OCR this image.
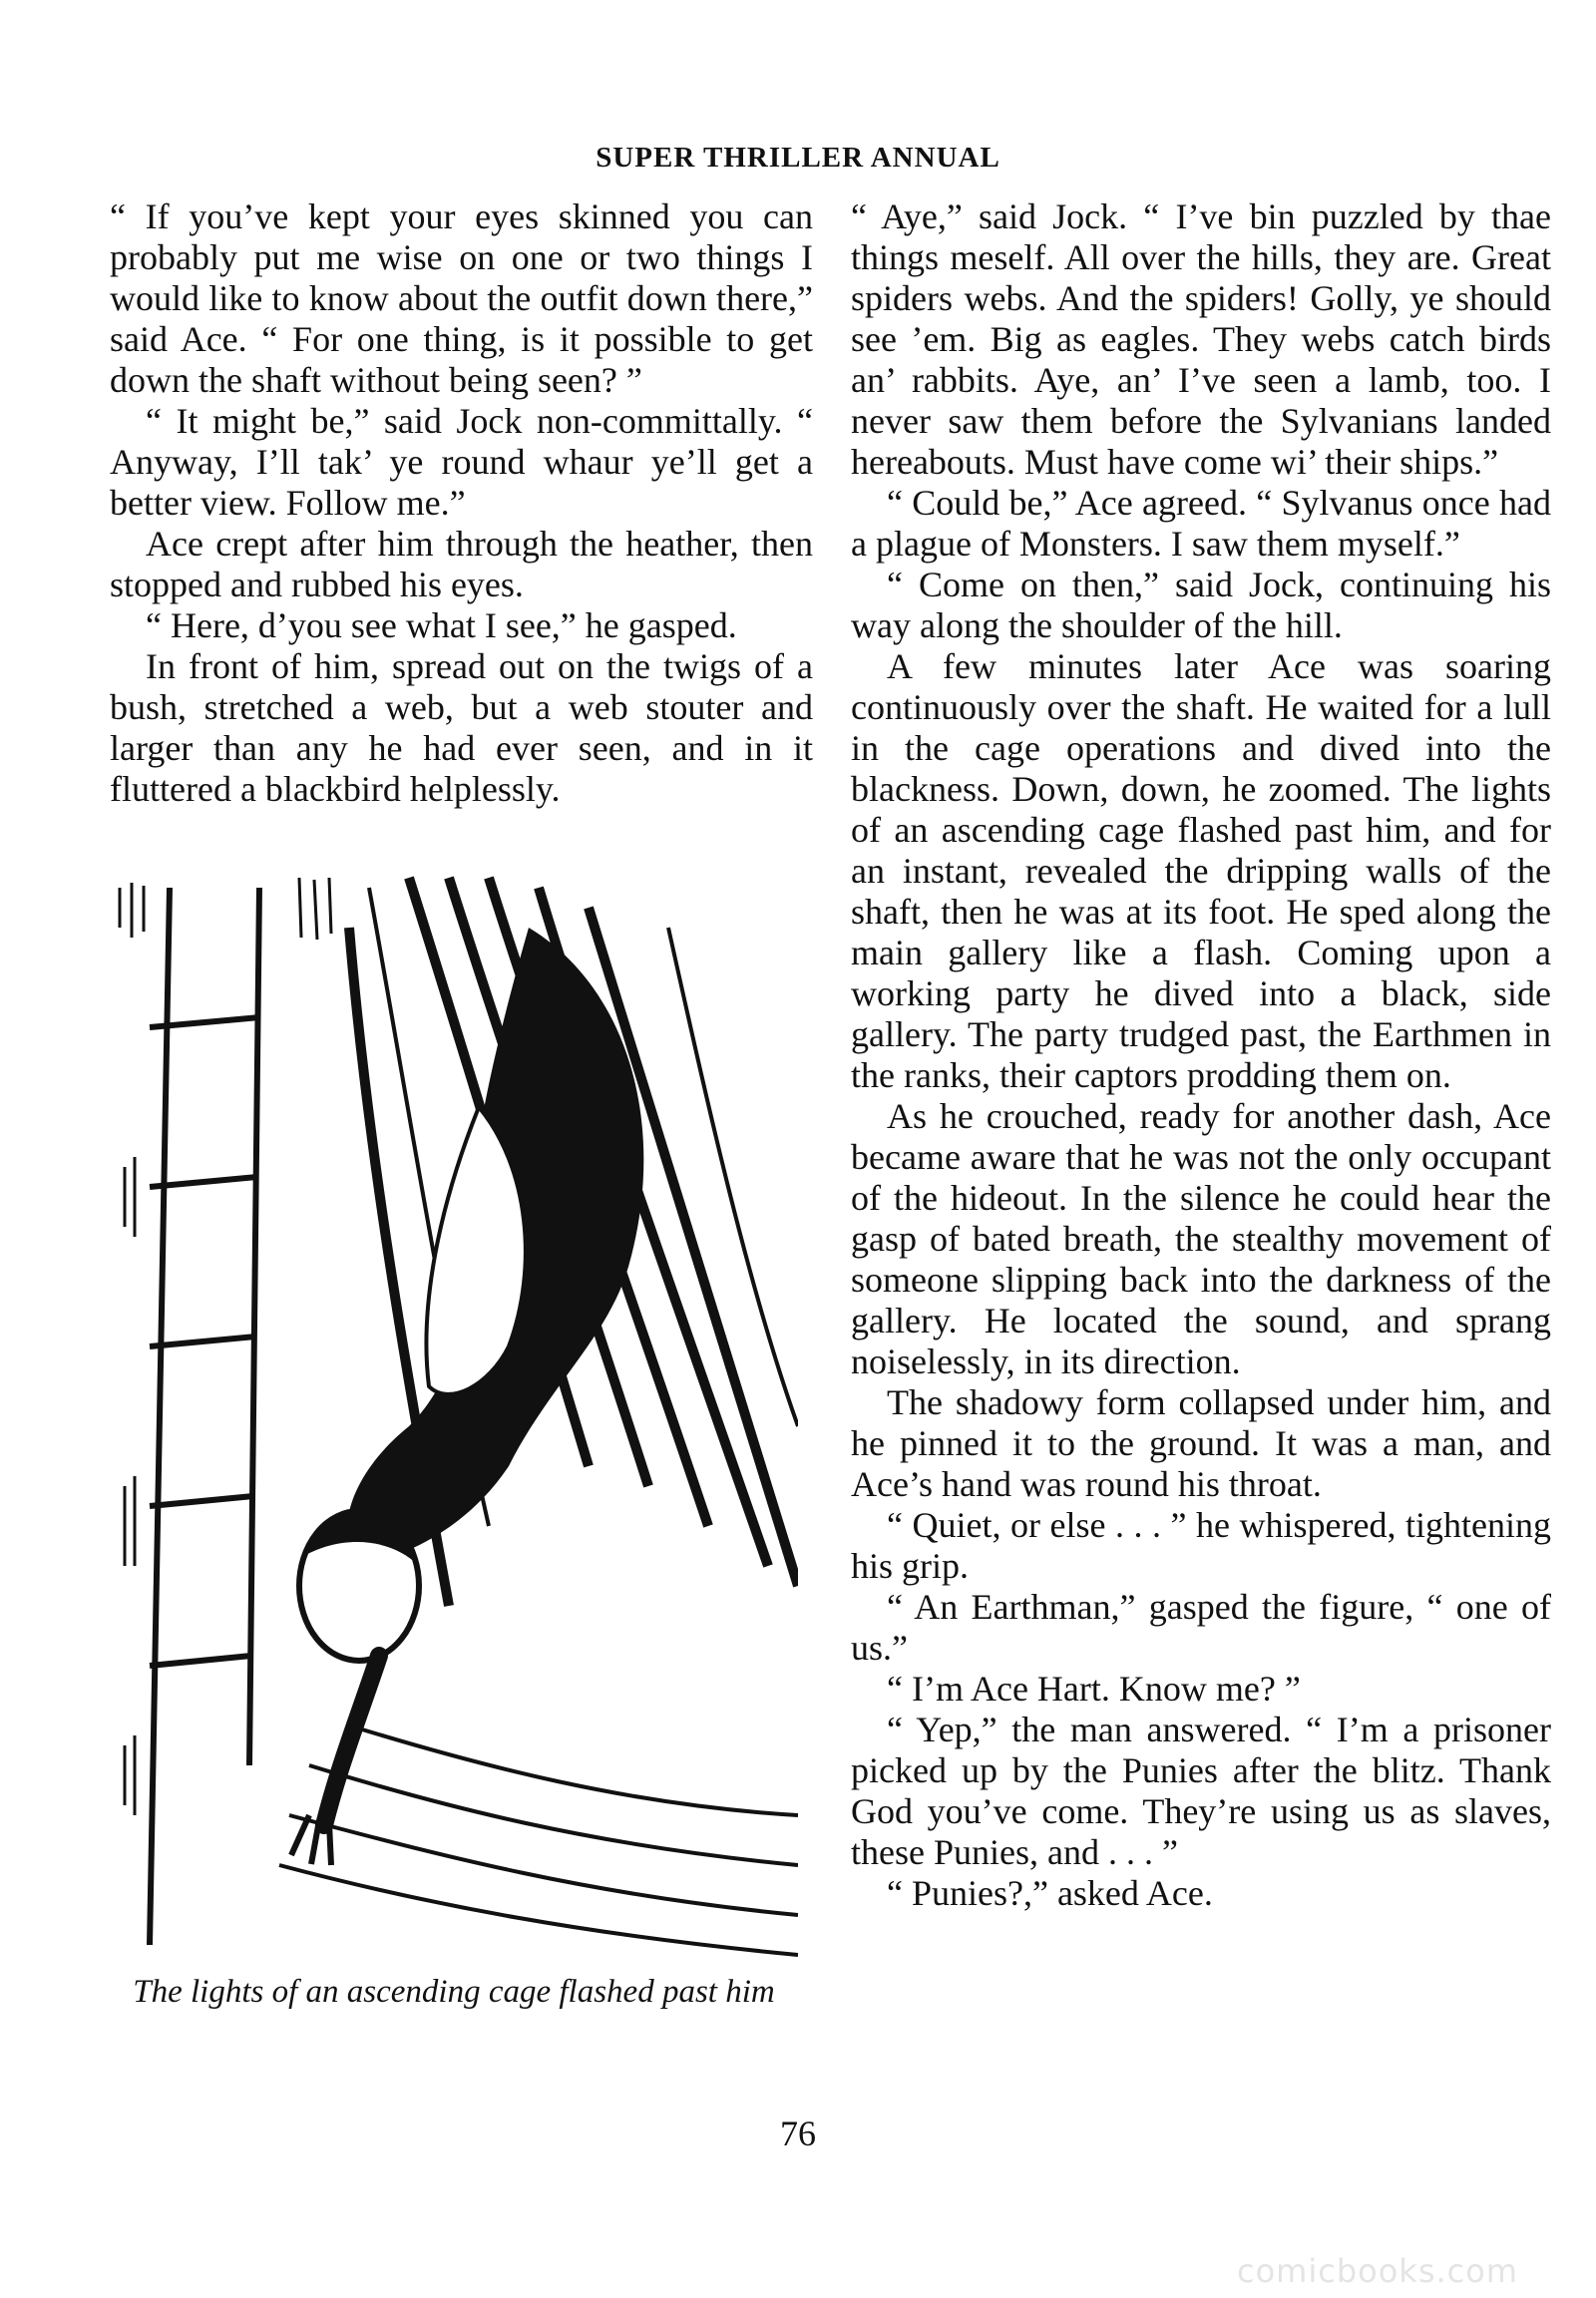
SUPER THRILLER ANNUAL

“ If you’ve kept your eyes skinned you can probably put me wise on one or two things I would like to know about the outfit down there,” said Ace. “ For one thing, is it possible to get down the shaft without being seen? ”

“ It might be,” said Jock non-committally. “ Anyway, I’ll tak’ ye round whaur ye’ll get a better view. Follow me.”

Ace crept after him through the heather, then stopped and rubbed his eyes.

“ Here, d’you see what I see,” he gasped.

In front of him, spread out on the twigs of a bush, stretched a web, but a web stouter and larger than any he had ever seen, and in it fluttered a blackbird helplessly.

The lights of an ascending cage flashed past him

“ Aye,” said Jock. “ I’ve bin puzzled by thae things meself. All over the hills, they are. Great spiders webs. And the spiders! Golly, ye should see ’em. Big as eagles. They webs catch birds an’ rabbits. Aye, an’ I’ve seen a lamb, too. I never saw them before the Sylvanians landed hereabouts. Must have come wi’ their ships.”

“ Could be,” Ace agreed. “ Sylvanus once had a plague of Monsters. I saw them myself.”

“ Come on then,” said Jock, continuing his way along the shoulder of the hill.

A few minutes later Ace was soaring continuously over the shaft. He waited for a lull in the cage operations and dived into the blackness. Down, down, he zoomed. The lights of an ascending cage flashed past him, and for an instant, revealed the dripping walls of the shaft, then he was at its foot. He sped along the main gallery like a flash. Coming upon a working party he dived into a black, side gallery. The party trudged past, the Earthmen in the ranks, their captors prodding them on.

As he crouched, ready for another dash, Ace became aware that he was not the only occupant of the hideout. In the silence he could hear the gasp of bated breath, the stealthy movement of someone slipping back into the darkness of the gallery. He located the sound, and sprang noiselessly, in its direction.

The shadowy form collapsed under him, and he pinned it to the ground. It was a man, and Ace’s hand was round his throat.

“ Quiet, or else . . . ” he whispered, tightening his grip.

“ An Earthman,” gasped the figure, “ one of us.”

“ I’m Ace Hart. Know me? ”

“ Yep,” the man answered. “ I’m a prisoner picked up by the Punies after the blitz. Thank God you’ve come. They’re using us as slaves, these Punies, and . . . ”

“ Punies?,” asked Ace.

76
comicbooks.com
